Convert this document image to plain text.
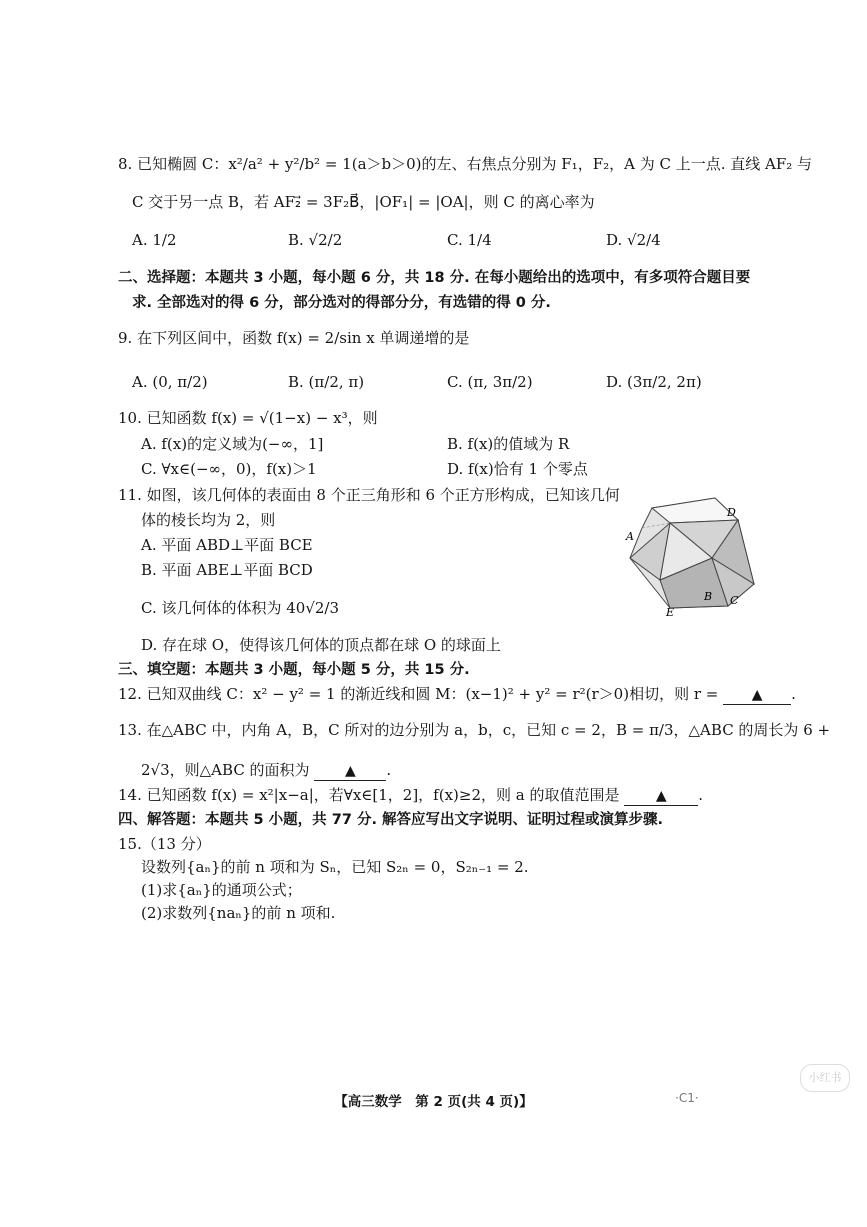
8. 已知椭圆 C：x²/a² + y²/b² = 1(a＞b＞0)的左、右焦点分别为 F₁，F₂，A 为 C 上一点. 直线 AF₂ 与
C 交于另一点 B，若 AF₂⃗ = 3F₂B⃗，|OF₁| = |OA|，则 C 的离心率为
A. 1/2	B. √2/2	C. 1/4	D. √2/4
二、选择题：本题共 3 小题，每小题 6 分，共 18 分. 在每小题给出的选项中，有多项符合题目要
求. 全部选对的得 6 分，部分选对的得部分分，有选错的得 0 分.
9. 在下列区间中，函数 f(x) = 2/sin x 单调递增的是
A. (0, π/2)	B. (π/2, π)	C. (π, 3π/2)	D. (3π/2, 2π)
10. 已知函数 f(x) = √(1−x) − x³，则
A. f(x)的定义域为(−∞，1]	B. f(x)的值域为 R
C. ∀x∈(−∞，0)，f(x)＞1	D. f(x)恰有 1 个零点
11. 如图，该几何体的表面由 8 个正三角形和 6 个正方形构成，已知该几何
体的棱长均为 2，则
A. 平面 ABD⊥平面 BCE
B. 平面 ABE⊥平面 BCD
C. 该几何体的体积为 40√2/3
D. 存在球 O，使得该几何体的顶点都在球 O 的球面上
A
B C
D
E
三、填空题：本题共 3 小题，每小题 5 分，共 15 分.
12. 已知双曲线 C：x² − y² = 1 的渐近线和圆 M：(x−1)² + y² = r²(r＞0)相切，则 r = ▲ .
13. 在△ABC 中，内角 A，B，C 所对的边分别为 a，b，c，已知 c = 2，B = π/3，△ABC 的周长为 6 +
2√3，则△ABC 的面积为	▲ .
14. 已知函数 f(x) = x²|x−a|，若∀x∈[1，2]，f(x)≥2，则 a 的取值范围是	▲ .
四、解答题：本题共 5 小题，共 77 分. 解答应写出文字说明、证明过程或演算步骤.
15.（13 分）
设数列{aₙ}的前 n 项和为 Sₙ，已知 S₂ₙ = 0，S₂ₙ₋₁ = 2.
(1)求{aₙ}的通项公式；
(2)求数列{naₙ}的前 n 项和.
小红书
【高三数学　第 2 页(共 4 页)】	·C1·
